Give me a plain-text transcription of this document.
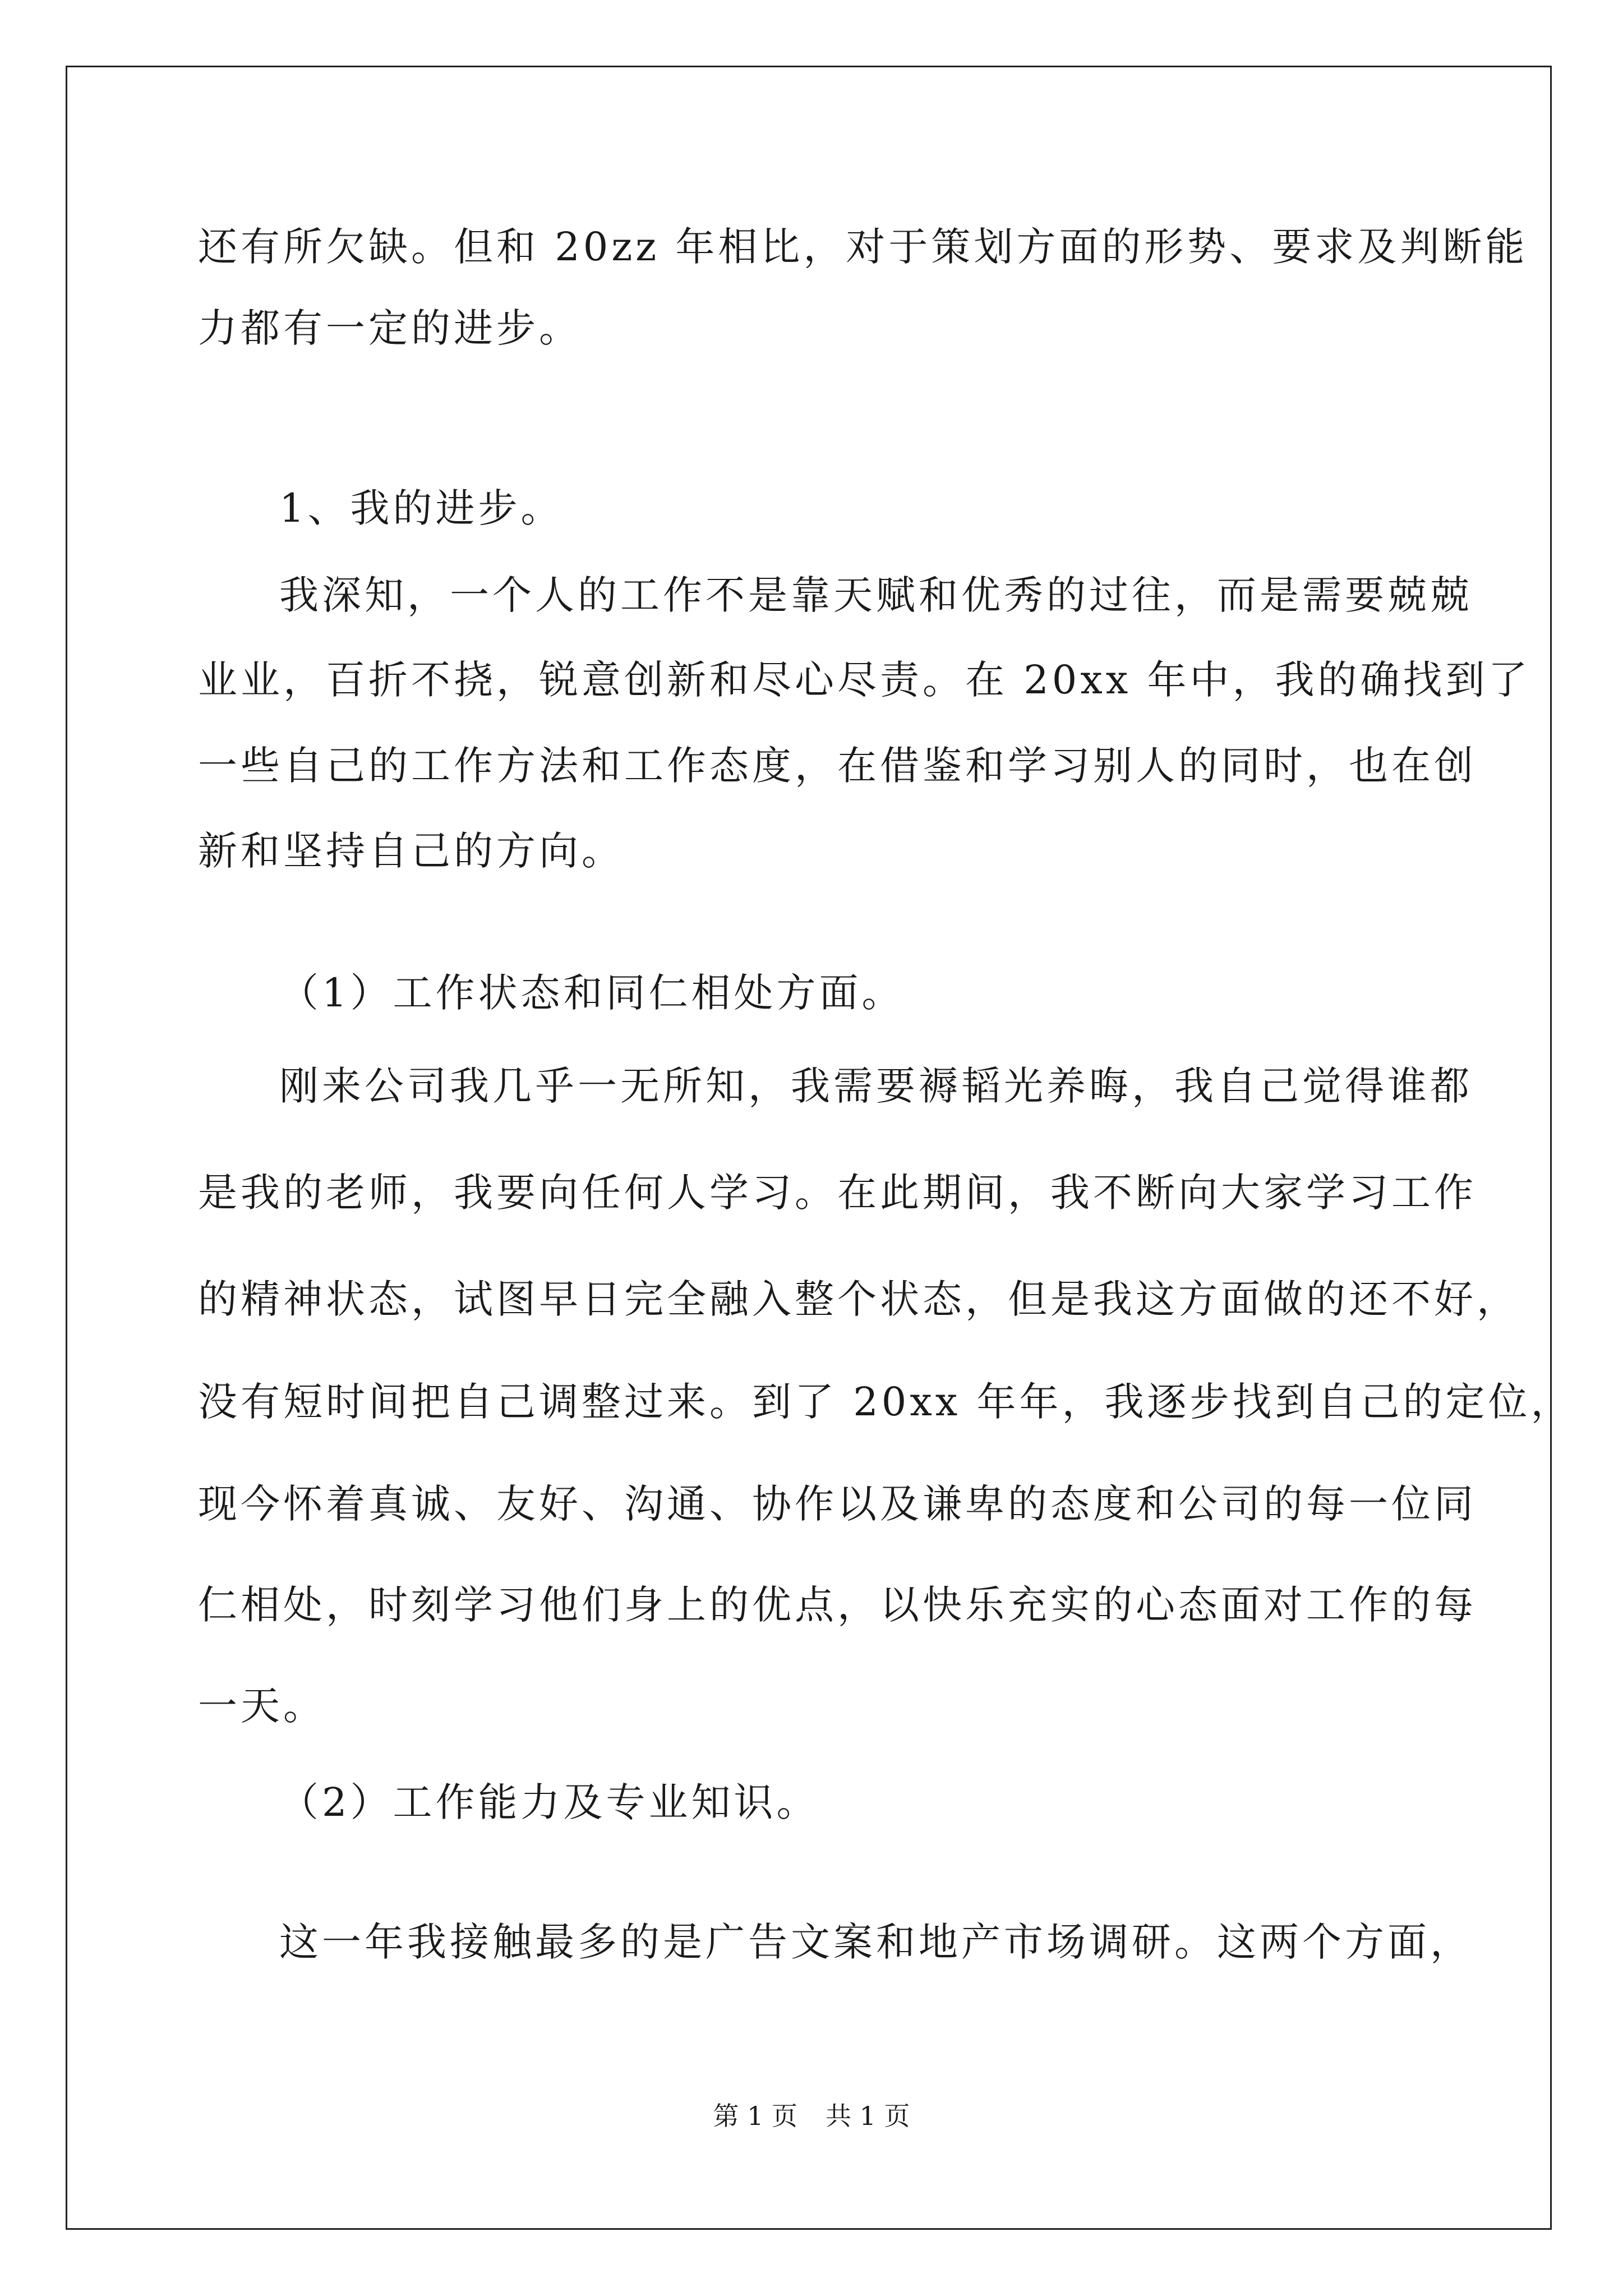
还有所欠缺。但和 20zz 年相比，对于策划方面的形势、要求及判断能
力都有一定的进步。
1、我的进步。
我深知，一个人的工作不是靠天赋和优秀的过往，而是需要兢兢
业业，百折不挠，锐意创新和尽心尽责。在 20xx 年中，我的确找到了
一些自己的工作方法和工作态度，在借鉴和学习别人的同时，也在创
新和坚持自己的方向。
（1）工作状态和同仁相处方面。
刚来公司我几乎一无所知，我需要褥韬光养晦，我自己觉得谁都
是我的老师，我要向任何人学习。在此期间，我不断向大家学习工作
的精神状态，试图早日完全融入整个状态，但是我这方面做的还不好，
没有短时间把自己调整过来。到了 20xx 年年，我逐步找到自己的定位，
现今怀着真诚、友好、沟通、协作以及谦卑的态度和公司的每一位同
仁相处，时刻学习他们身上的优点，以快乐充实的心态面对工作的每
一天。
（2）工作能力及专业知识。
这一年我接触最多的是广告文案和地产市场调研。这两个方面，
第 1 页 共 1 页
